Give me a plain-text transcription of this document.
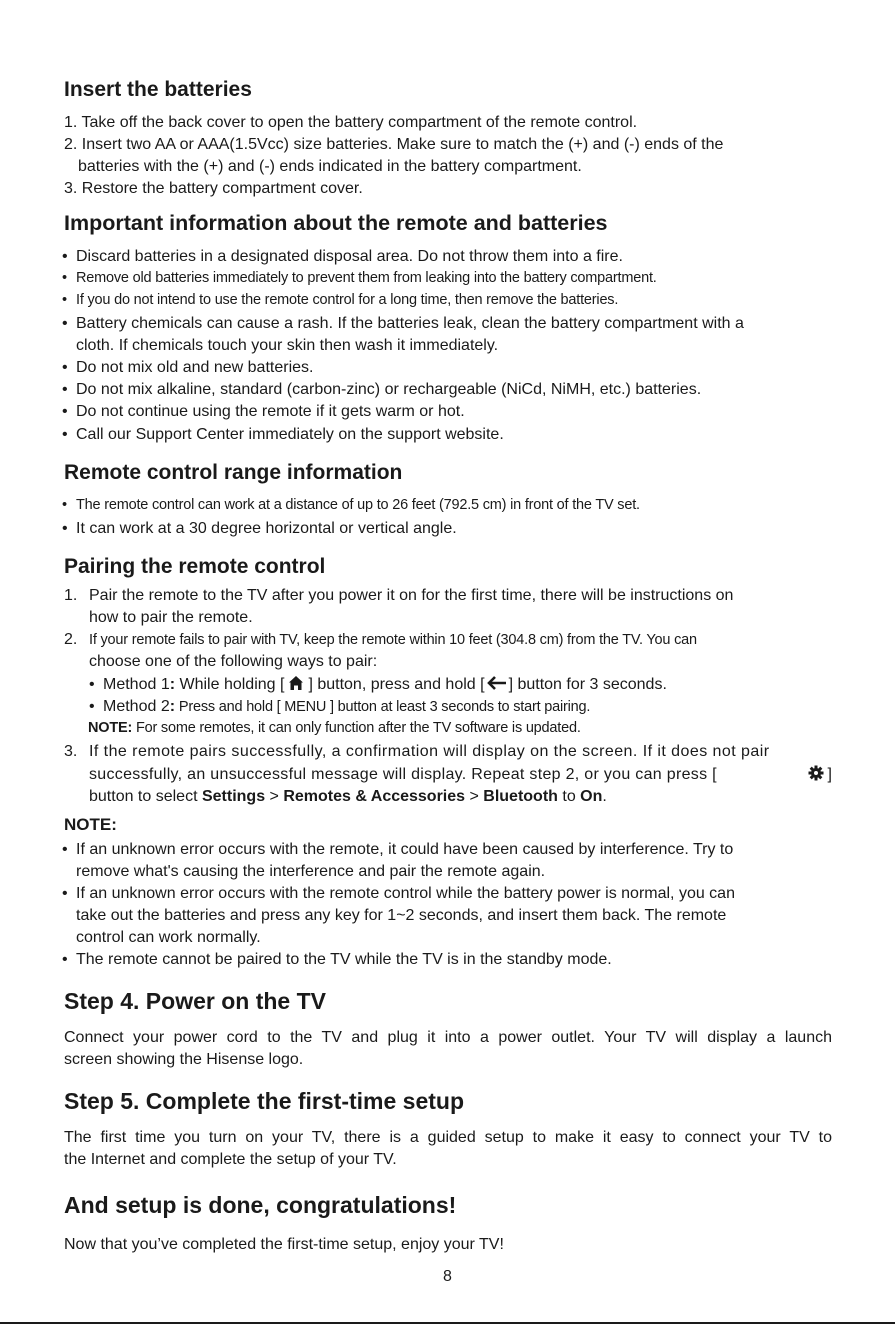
Insert the batteries
1. Take off the back cover to open the battery compartment of the remote control.
2. Insert two AA or AAA(1.5Vcc) size batteries. Make sure to match the (+) and (-) ends of the
batteries with the (+) and (-) ends indicated in the battery compartment.
3. Restore the battery compartment cover.
Important information about the remote and batteries
• Discard batteries in a designated disposal area. Do not throw them into a fire.
• Remove old batteries immediately to prevent them from leaking into the battery compartment.
• If you do not intend to use the remote control for a long time, then remove the batteries.
• Battery chemicals can cause a rash. If the batteries leak, clean the battery compartment with a
cloth. If chemicals touch your skin then wash it immediately.
• Do not mix old and new batteries.
• Do not mix alkaline, standard (carbon-zinc) or rechargeable (NiCd, NiMH, etc.) batteries.
• Do not continue using the remote if it gets warm or hot.
• Call our Support Center immediately on the support website.
Remote control range information
• The remote control can work at a distance of up to 26 feet (792.5 cm) in front of the TV set.
• It can work at a 30 degree horizontal or vertical angle.
Pairing the remote control
1. Pair the remote to the TV after you power it on for the first time, there will be instructions on
how to pair the remote.
2. If your remote fails to pair with TV, keep the remote within 10 feet (304.8 cm) from the TV. You can
choose one of the following ways to pair:
• Method 1: While holding [ ] button, press and hold [ ] button for 3 seconds.
• Method 2: Press and hold [ MENU ] button at least 3 seconds to start pairing.
NOTE: For some remotes, it can only function after the TV software is updated.
3. If the remote pairs successfully, a confirmation will display on the screen. If it does not pair
successfully, an unsuccessful message will display. Repeat step 2, or you can press [	]
button to select Settings > Remotes & Accessories > Bluetooth to On.
NOTE:
• If an unknown error occurs with the remote, it could have been caused by interference. Try to
remove what's causing the interference and pair the remote again.
• If an unknown error occurs with the remote control while the battery power is normal, you can
take out the batteries and press any key for 1~2 seconds, and insert them back. The remote
control can work normally.
• The remote cannot be paired to the TV while the TV is in the standby mode.
Step 4. Power on the TV
Connect your power cord to the TV and plug it into a power outlet. Your TV will display a launch
screen showing the Hisense logo.
Step 5. Complete the first-time setup
The first time you turn on your TV, there is a guided setup to make it easy to connect your TV to
the Internet and complete the setup of your TV.
And setup is done, congratulations!
Now that you’ve completed the first-time setup, enjoy your TV!
8
